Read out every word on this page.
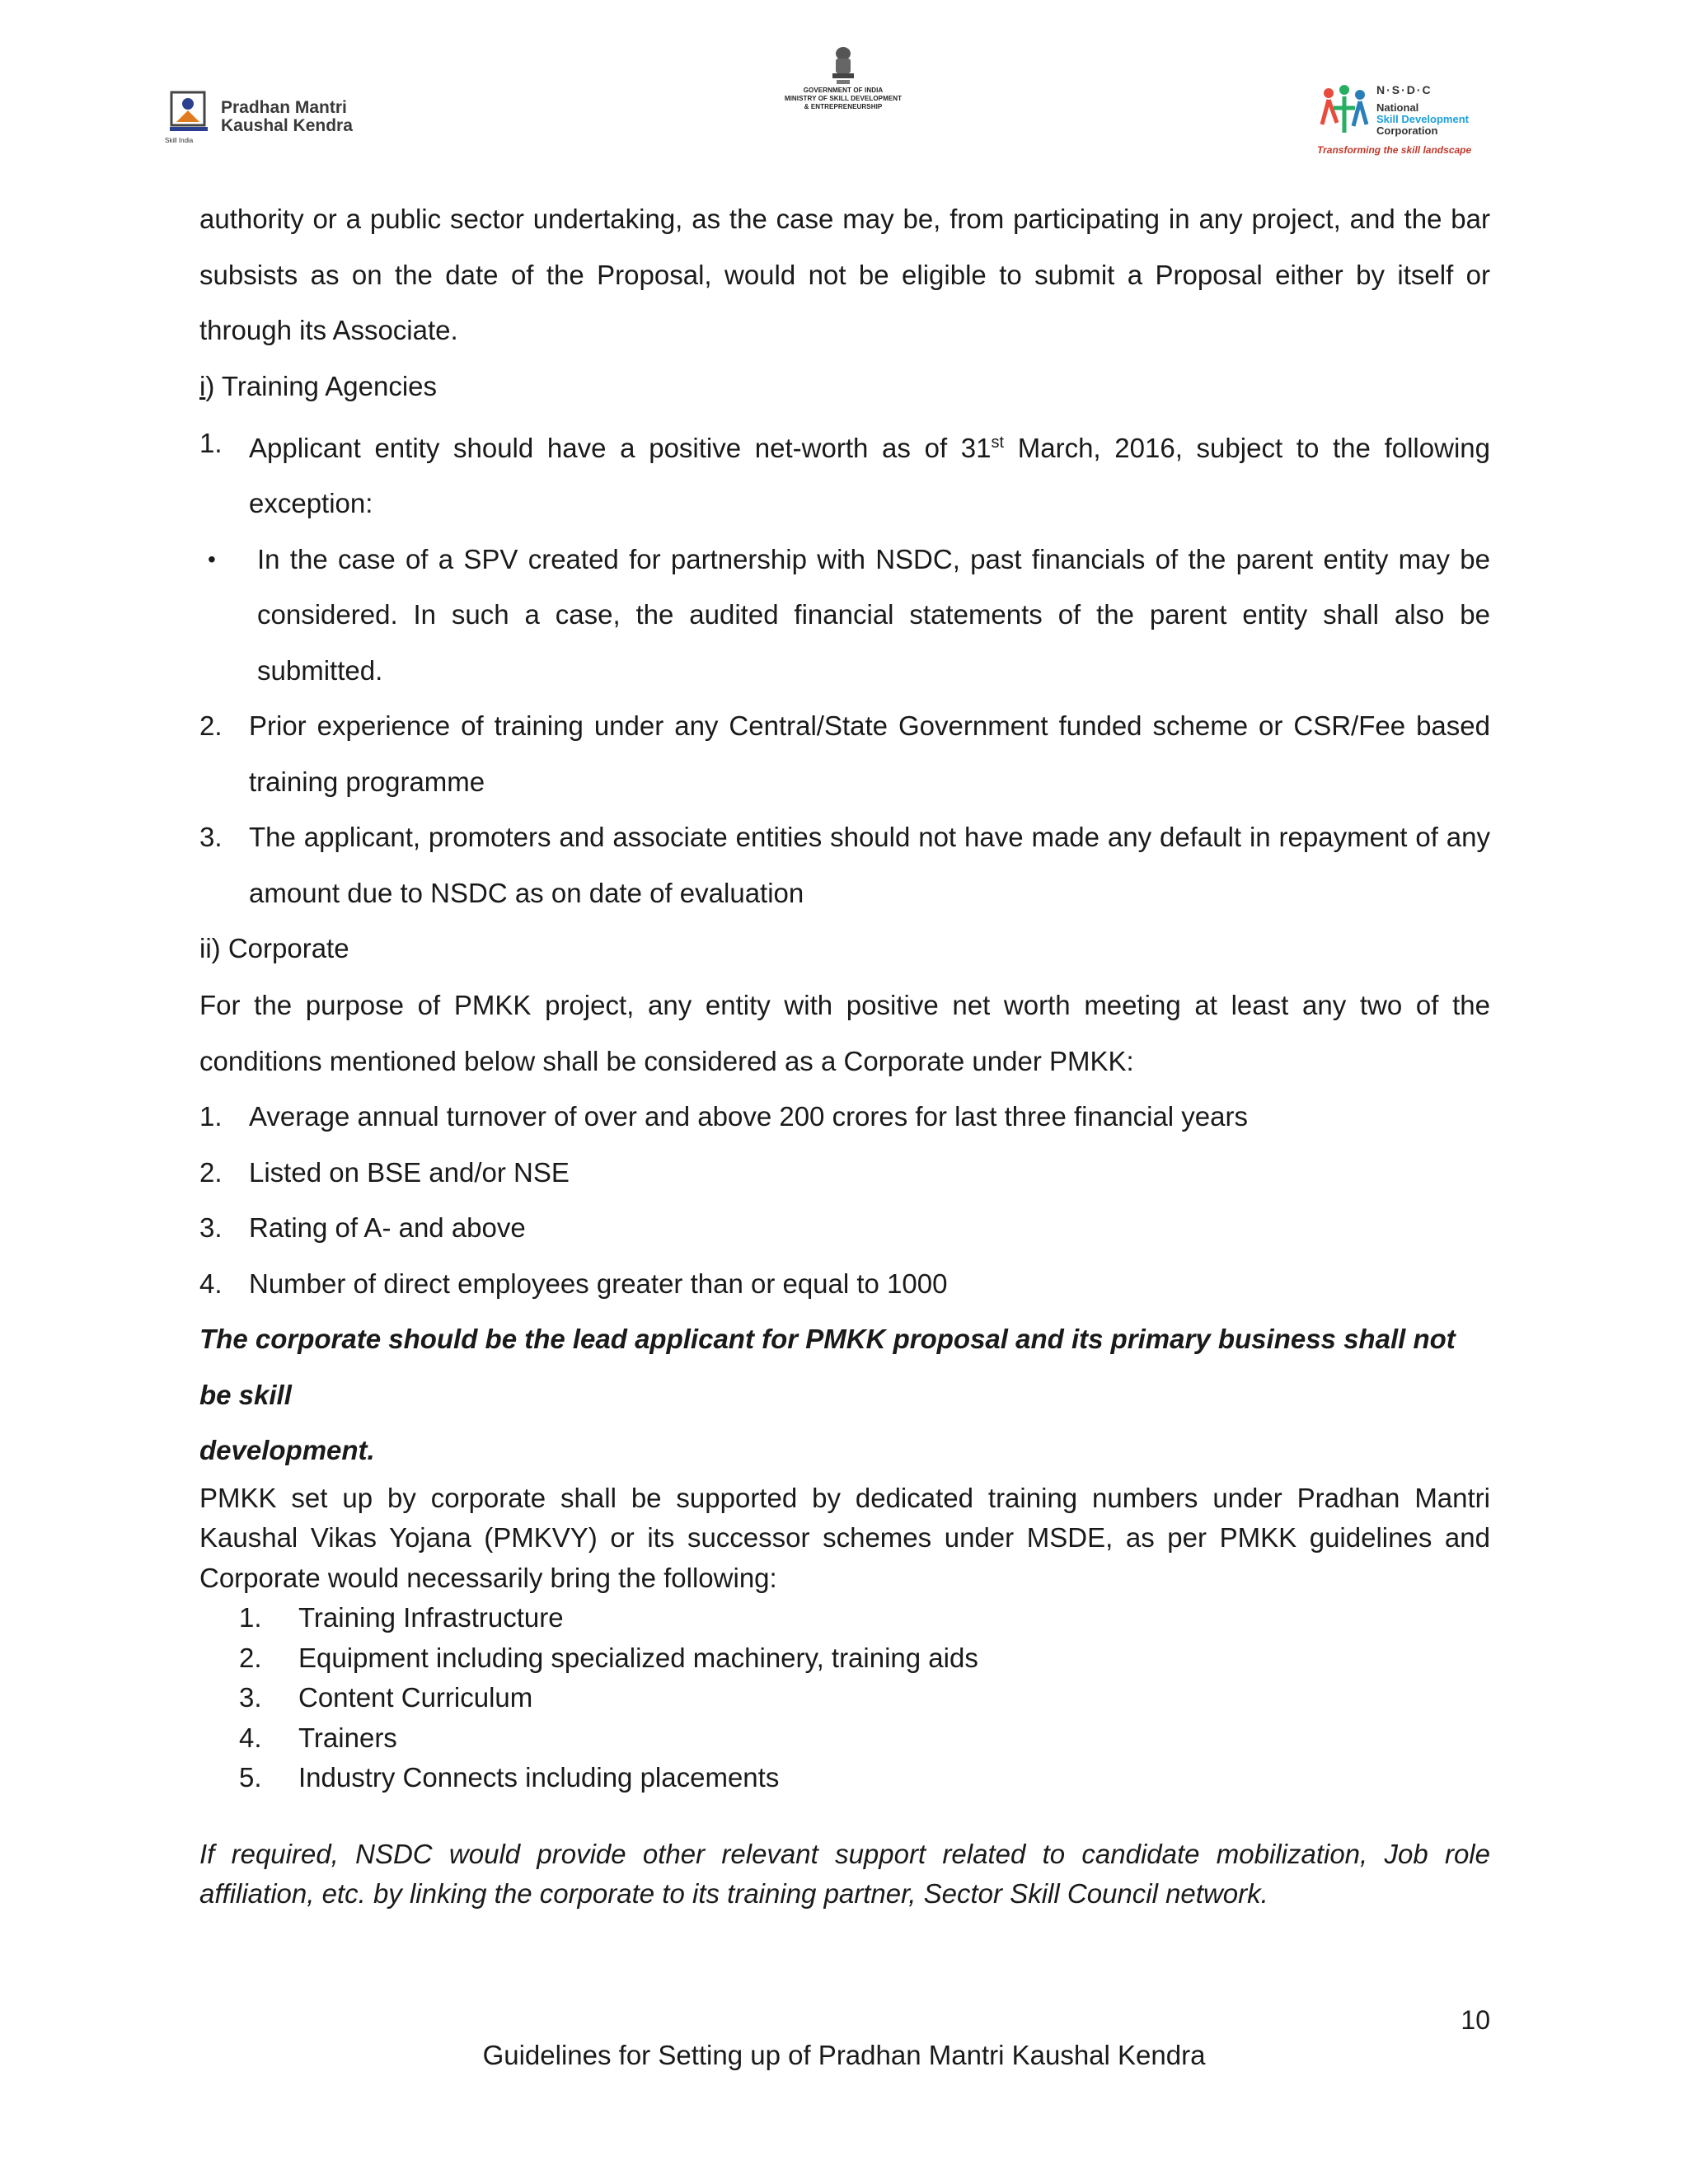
Pradhan Mantri
Kaushal Kendra
Skill India
GOVERNMENT OF INDIA
MINISTRY OF SKILL DEVELOPMENT
& ENTREPRENEURSHIP
N·S·D·C
National
Skill Development
Corporation
Transforming the skill landscape

authority or a public sector undertaking, as the case may be, from participating in any project, and the bar subsists as on the date of the Proposal, would not be eligible to submit a Proposal either by itself or through its Associate.

i) Training Agencies
1. Applicant entity should have a positive net-worth as of 31st March, 2016, subject to the following exception:
• In the case of a SPV created for partnership with NSDC, past financials of the parent entity may be considered. In such a case, the audited financial statements of the parent entity shall also be submitted.
2. Prior experience of training under any Central/State Government funded scheme or CSR/Fee based training programme
3. The applicant, promoters and associate entities should not have made any default in repayment of any amount due to NSDC as on date of evaluation
ii) Corporate

For the purpose of PMKK project, any entity with positive net worth meeting at least any two of the conditions mentioned below shall be considered as a Corporate under PMKK:

1. Average annual turnover of over and above 200 crores for last three financial years
2. Listed on BSE and/or NSE
3. Rating of A- and above
4. Number of direct employees greater than or equal to 1000

The corporate should be the lead applicant for PMKK proposal and its primary business shall not be skill

development.

PMKK set up by corporate shall be supported by dedicated training numbers under Pradhan Mantri Kaushal Vikas Yojana (PMKVY) or its successor schemes under MSDE, as per PMKK guidelines and Corporate would necessarily bring the following:

1. Training Infrastructure
2. Equipment including specialized machinery, training aids
3. Content Curriculum
4. Trainers
5. Industry Connects including placements

If required, NSDC would provide other relevant support related to candidate mobilization, Job role affiliation, etc. by linking the corporate to its training partner, Sector Skill Council network.

10
Guidelines for Setting up of Pradhan Mantri Kaushal Kendra
